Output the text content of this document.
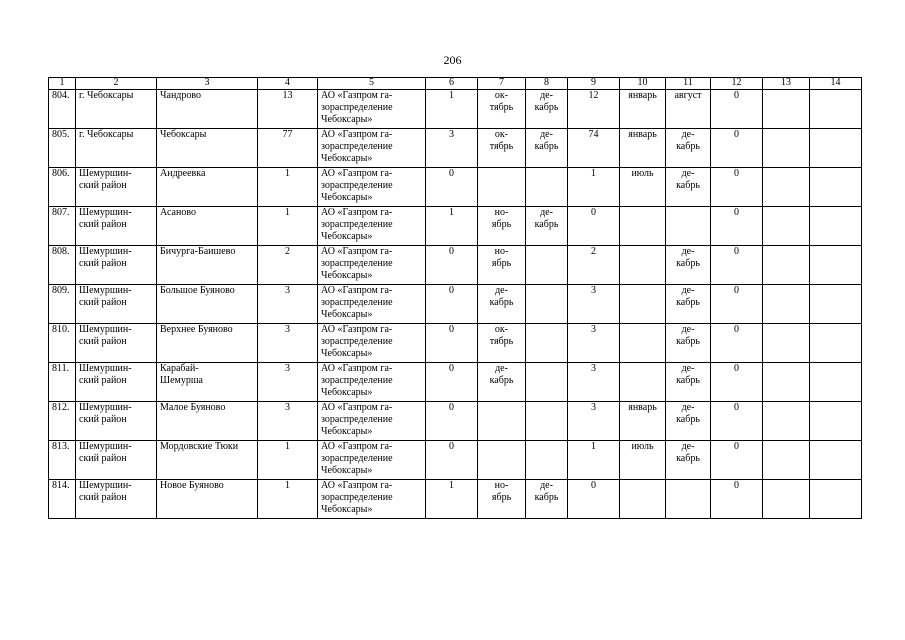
206
1	2	3	4	5	6	7	8	9	10	11	12	13	14
804.	г. Чебоксары	Чандрово	13	АО «Газпром га-
зораспределение
Чебоксары»	1	ок-
тябрь	де-
кабрь	12	январь	август	0		
805.	г. Чебоксары	Чебоксары	77	АО «Газпром га-
зораспределение
Чебоксары»	3	ок-
тябрь	де-
кабрь	74	январь	де-
кабрь	0		
806.	Шемуршин-
ский район	Андреевка	1	АО «Газпром га-
зораспределение
Чебоксары»	0			1	июль	де-
кабрь	0		
807.	Шемуршин-
ский район	Асаново	1	АО «Газпром га-
зораспределение
Чебоксары»	1	но-
ябрь	де-
кабрь	0			0		
808.	Шемуршин-
ский район	Бичурга-Баишево	2	АО «Газпром га-
зораспределение
Чебоксары»	0	но-
ябрь		2		де-
кабрь	0		
809.	Шемуршин-
ский район	Большое Буяново	3	АО «Газпром га-
зораспределение
Чебоксары»	0	де-
кабрь		3		де-
кабрь	0		
810.	Шемуршин-
ский район	Верхнее Буяново	3	АО «Газпром га-
зораспределение
Чебоксары»	0	ок-
тябрь		3		де-
кабрь	0		
811.	Шемуршин-
ский район	Карабай-
Шемурша	3	АО «Газпром га-
зораспределение
Чебоксары»	0	де-
кабрь		3		де-
кабрь	0		
812.	Шемуршин-
ский район	Малое Буяново	3	АО «Газпром га-
зораспределение
Чебоксары»	0			3	январь	де-
кабрь	0		
813.	Шемуршин-
ский район	Мордовские Тюки	1	АО «Газпром га-
зораспределение
Чебоксары»	0			1	июль	де-
кабрь	0		
814.	Шемуршин-
ский район	Новое Буяново	1	АО «Газпром га-
зораспределение
Чебоксары»	1	но-
ябрь	де-
кабрь	0			0		
